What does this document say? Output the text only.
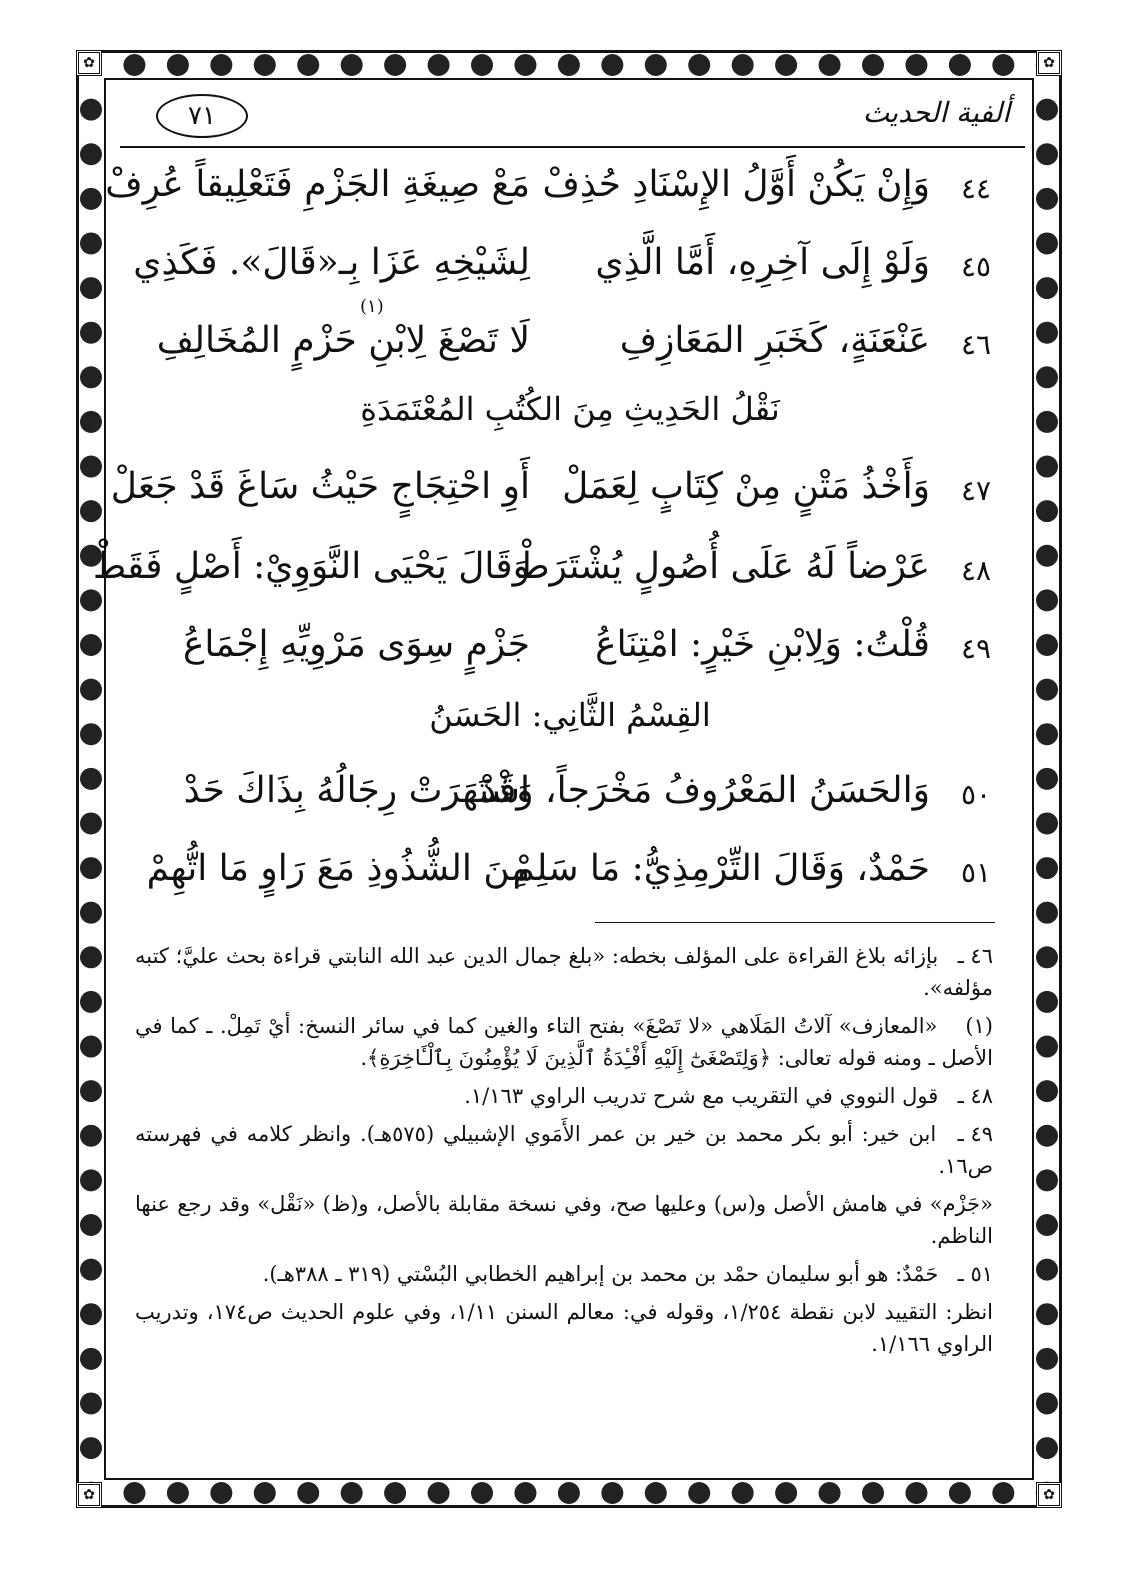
✿	✿
✿	✿
٧١	ألفية الحديث
٤٤
وَإِنْ يَكُنْ أَوَّلُ الإِسْنَادِ حُذِفْ
مَعْ صِيغَةِ الجَزْمِ فَتَعْلِيقاً عُرِفْ
٤٥
وَلَوْ إِلَى آخِرِهِ، أَمَّا الَّذِي
لِشَيْخِهِ عَزَا بِـ«قَالَ». فَكَذِي
٤٦
عَنْعَنَةٍ، كَخَبَرِ المَعَازِفِ
لَا تَصْغَ لِابْنِ حَزْمٍ المُخَالِفِ
(١)
نَقْلُ الحَدِيثِ مِنَ الكُتُبِ المُعْتَمَدَةِ
٤٧
وَأَخْذُ مَتْنٍ مِنْ كِتَابٍ لِعَمَلْ
أَوِ احْتِجَاجٍ حَيْثُ سَاغَ قَدْ جَعَلْ
٤٨
عَرْضاً لَهُ عَلَى أُصُولٍ يُشْتَرَطْ
وَقَالَ يَحْيَى النَّوَوِيْ: أَصْلٍ فَقَطْ
٤٩
قُلْتُ: وَلِابْنِ خَيْرٍ: امْتِنَاعُ
جَزْمٍ سِوَى مَرْوِيِّهِ إِجْمَاعُ
القِسْمُ الثَّانِي: الحَسَنُ
٥٠
وَالحَسَنُ المَعْرُوفُ مَخْرَجاً، وَقَدْ
اشْتَهَرَتْ رِجَالُهُ بِذَاكَ حَدْ
٥١
حَمْدٌ، وَقَالَ التِّرْمِذِيُّ: مَا سَلِمْ
مِنَ الشُّذُوذِ مَعَ رَاوٍ مَا اتُّهِمْ

٤٦ ـ بإزائه بلاغ القراءة على المؤلف بخطه: «بلغ جمال الدين عبد الله النابتي قراءة بحث عليَّ؛ كتبه مؤلفه».

(١) «المعازف» آلاتُ المَلَاهي «لا تَصْغَ» بفتح التاء والغين كما في سائر النسخ: أيْ تَمِلْ. ـ كما في الأصل ـ ومنه قوله تعالى: ﴿وَلِتَصْغَىٰٓ إِلَيْهِ أَفْـِٔدَةُ ٱلَّذِينَ لَا يُؤْمِنُونَ بِٱلْـَٔاخِرَةِ﴾.

٤٨ ـ قول النووي في التقريب مع شرح تدريب الراوي ١/١٦٣.

٤٩ ـ ابن خير: أبو بكر محمد بن خير بن عمر الأَمَوي الإشبيلي (٥٧٥هـ). وانظر كلامه في فهرسته ص١٦.

«جَزْم» في هامش الأصل و(س) وعليها صح، وفي نسخة مقابلة بالأصل، و(ظ) «نَقْل» وقد رجع عنها الناظم.

٥١ ـ حَمْدٌ: هو أبو سليمان حمْد بن محمد بن إبراهيم الخطابي البُسْتي (٣١٩ ـ ٣٨٨هـ).

انظر: التقييد لابن نقطة ١/٢٥٤، وقوله في: معالم السنن ١/١١، وفي علوم الحديث ص١٧٤، وتدريب الراوي ١/١٦٦.
